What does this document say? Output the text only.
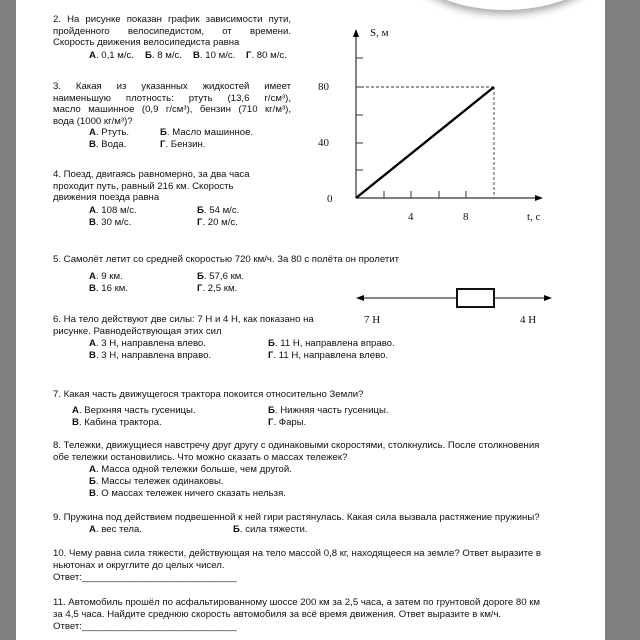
2. На рисунке показан график зависимости пути,
пройденного велосипедистом, от времени.
Скорость движения велосипедиста равна
А. 0,1 м/с. Б. 8 м/с. В. 10 м/с. Г. 80 м/с.
3. Какая из указанных жидкостей имеет
наименьшую плотность: ртуть (13,6 г/см³),
масло машинное (0,9 г/см³), бензин (710 кг/м³),
вода (1000 кг/м³)?
А. Ртуть.	Б. Масло машинное.
В. Вода.	Г. Бензин.
4. Поезд, двигаясь равномерно, за два часа
проходит путь, равный 216 км. Скорость
движения поезда равна
А. 108 м/с.	Б. 54 м/с.
В. 30 м/с.	Г. 20 м/с.
5. Самолёт летит со средней скоростью 720 км/ч. За 80 с полёта он пролетит
А. 9 км.	Б. 57,6 км.
В. 16 км.	Г. 2,5 км.
6. На тело действуют две силы: 7 Н и 4 Н, как показано на
рисунке. Равнодействующая этих сил
А. 3 Н, направлена влево.	Б. 11 Н, направлена вправо.
В. 3 Н, направлена вправо.	Г. 11 Н, направлена влево.
7. Какая часть движущегося трактора покоится относительно Земли?
А. Верхняя часть гусеницы.	Б. Нижняя часть гусеницы.
В. Кабина трактора.	Г. Фары.
8. Тележки, движущиеся навстречу друг другу с одинаковыми скоростями, столкнулись. После столкновения
обе тележки остановились. Что можно сказать о массах тележек?
А. Масса одной тележки больше, чем другой.
Б. Массы тележек одинаковы.
В. О массах тележек ничего сказать нельзя.
9. Пружина под действием подвешенной к ней гири растянулась. Какая сила вызвала растяжение пружины?
А. вес тела.	Б. сила тяжести.
10. Чему равна сила тяжести, действующая на тело массой 0,8 кг, находящееся на земле? Ответ выразите в
ньютонах и округлите до целых чисел.
Ответ:_____________________________
11. Автомобиль прошёл по асфальтированному шоссе 200 км за 2,5 часа, а затем по грунтовой дороге 80 км
за 4,5 часа. Найдите среднюю скорость автомобиля за всё время движения. Ответ выразите в км/ч.
Ответ:_____________________________
S, м
80
40
0
4	8	t, с
7 Н	4 Н
